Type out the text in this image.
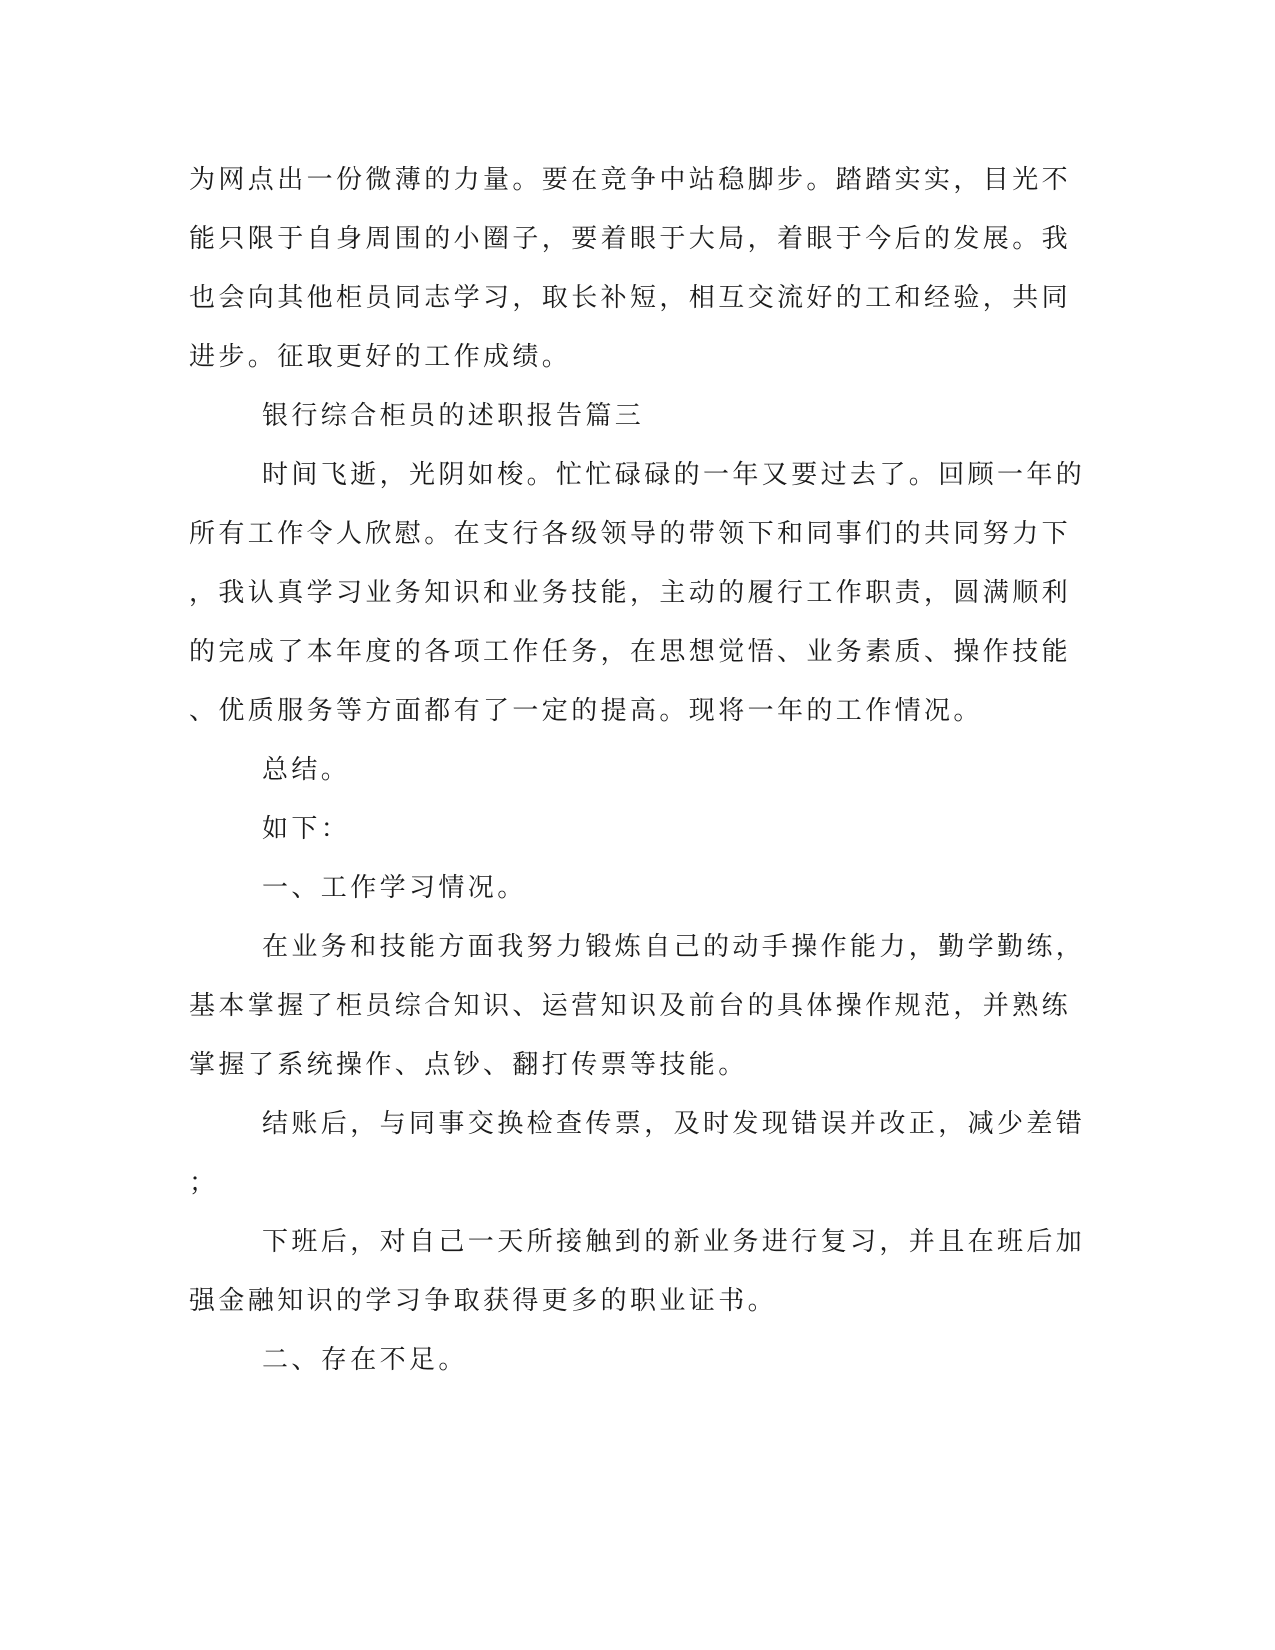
为网点出一份微薄的力量。要在竞争中站稳脚步。踏踏实实，目光不
能只限于自身周围的小圈子，要着眼于大局，着眼于今后的发展。我
也会向其他柜员同志学习，取长补短，相互交流好的工和经验，共同
进步。征取更好的工作成绩。
银行综合柜员的述职报告篇三
时间飞逝，光阴如梭。忙忙碌碌的一年又要过去了。回顾一年的
所有工作令人欣慰。在支行各级领导的带领下和同事们的共同努力下
，我认真学习业务知识和业务技能，主动的履行工作职责，圆满顺利
的完成了本年度的各项工作任务，在思想觉悟、业务素质、操作技能
、优质服务等方面都有了一定的提高。现将一年的工作情况。
总结。
如下：
一、工作学习情况。
在业务和技能方面我努力锻炼自己的动手操作能力，勤学勤练，
基本掌握了柜员综合知识、运营知识及前台的具体操作规范，并熟练
掌握了系统操作、点钞、翻打传票等技能。
结账后，与同事交换检查传票，及时发现错误并改正，减少差错
；
下班后，对自己一天所接触到的新业务进行复习，并且在班后加
强金融知识的学习争取获得更多的职业证书。
二、存在不足。
